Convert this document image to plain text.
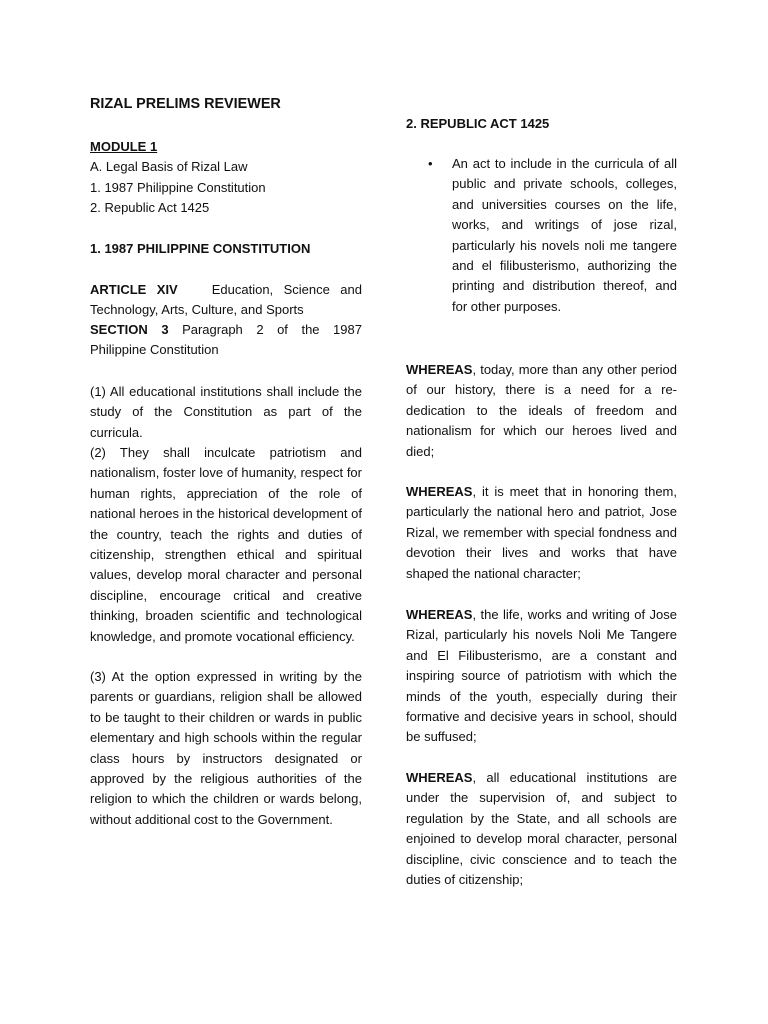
RIZAL PRELIMS REVIEWER

MODULE 1

A. Legal Basis of Rizal Law

1. 1987 Philippine Constitution

2. Republic Act 1425

1. 1987 PHILIPPINE CONSTITUTION

ARTICLE XIV	Education, Science and Technology, Arts, Culture, and Sports

SECTION 3 Paragraph 2 of the 1987 Philippine Constitution

(1) All educational institutions shall include the study of the Constitution as part of the curricula.

(2) They shall inculcate patriotism and nationalism, foster love of humanity, respect for human rights, appreciation of the role of national heroes in the historical development of the country, teach the rights and duties of citizenship, strengthen ethical and spiritual values, develop moral character and personal discipline, encourage critical and creative thinking, broaden scientific and technological knowledge, and promote vocational efficiency.

(3) At the option expressed in writing by the parents or guardians, religion shall be allowed to be taught to their children or wards in public elementary and high schools within the regular class hours by instructors designated or approved by the religious authorities of the religion to which the children or wards belong, without additional cost to the Government.

2. REPUBLIC ACT 1425

• An act to include in the curricula of all public and private schools, colleges, and universities courses on the life, works, and writings of jose rizal, particularly his novels noli me tangere and el filibusterismo, authorizing the printing and distribution thereof, and for other purposes.

WHEREAS, today, more than any other period of our history, there is a need for a re-dedication to the ideals of freedom and nationalism for which our heroes lived and died;

WHEREAS, it is meet that in honoring them, particularly the national hero and patriot, Jose Rizal, we remember with special fondness and devotion their lives and works that have shaped the national character;

WHEREAS, the life, works and writing of Jose Rizal, particularly his novels Noli Me Tangere and El Filibusterismo, are a constant and inspiring source of patriotism with which the minds of the youth, especially during their formative and decisive years in school, should be suffused;

WHEREAS, all educational institutions are under the supervision of, and subject to regulation by the State, and all schools are enjoined to develop moral character, personal discipline, civic conscience and to teach the duties of citizenship;
